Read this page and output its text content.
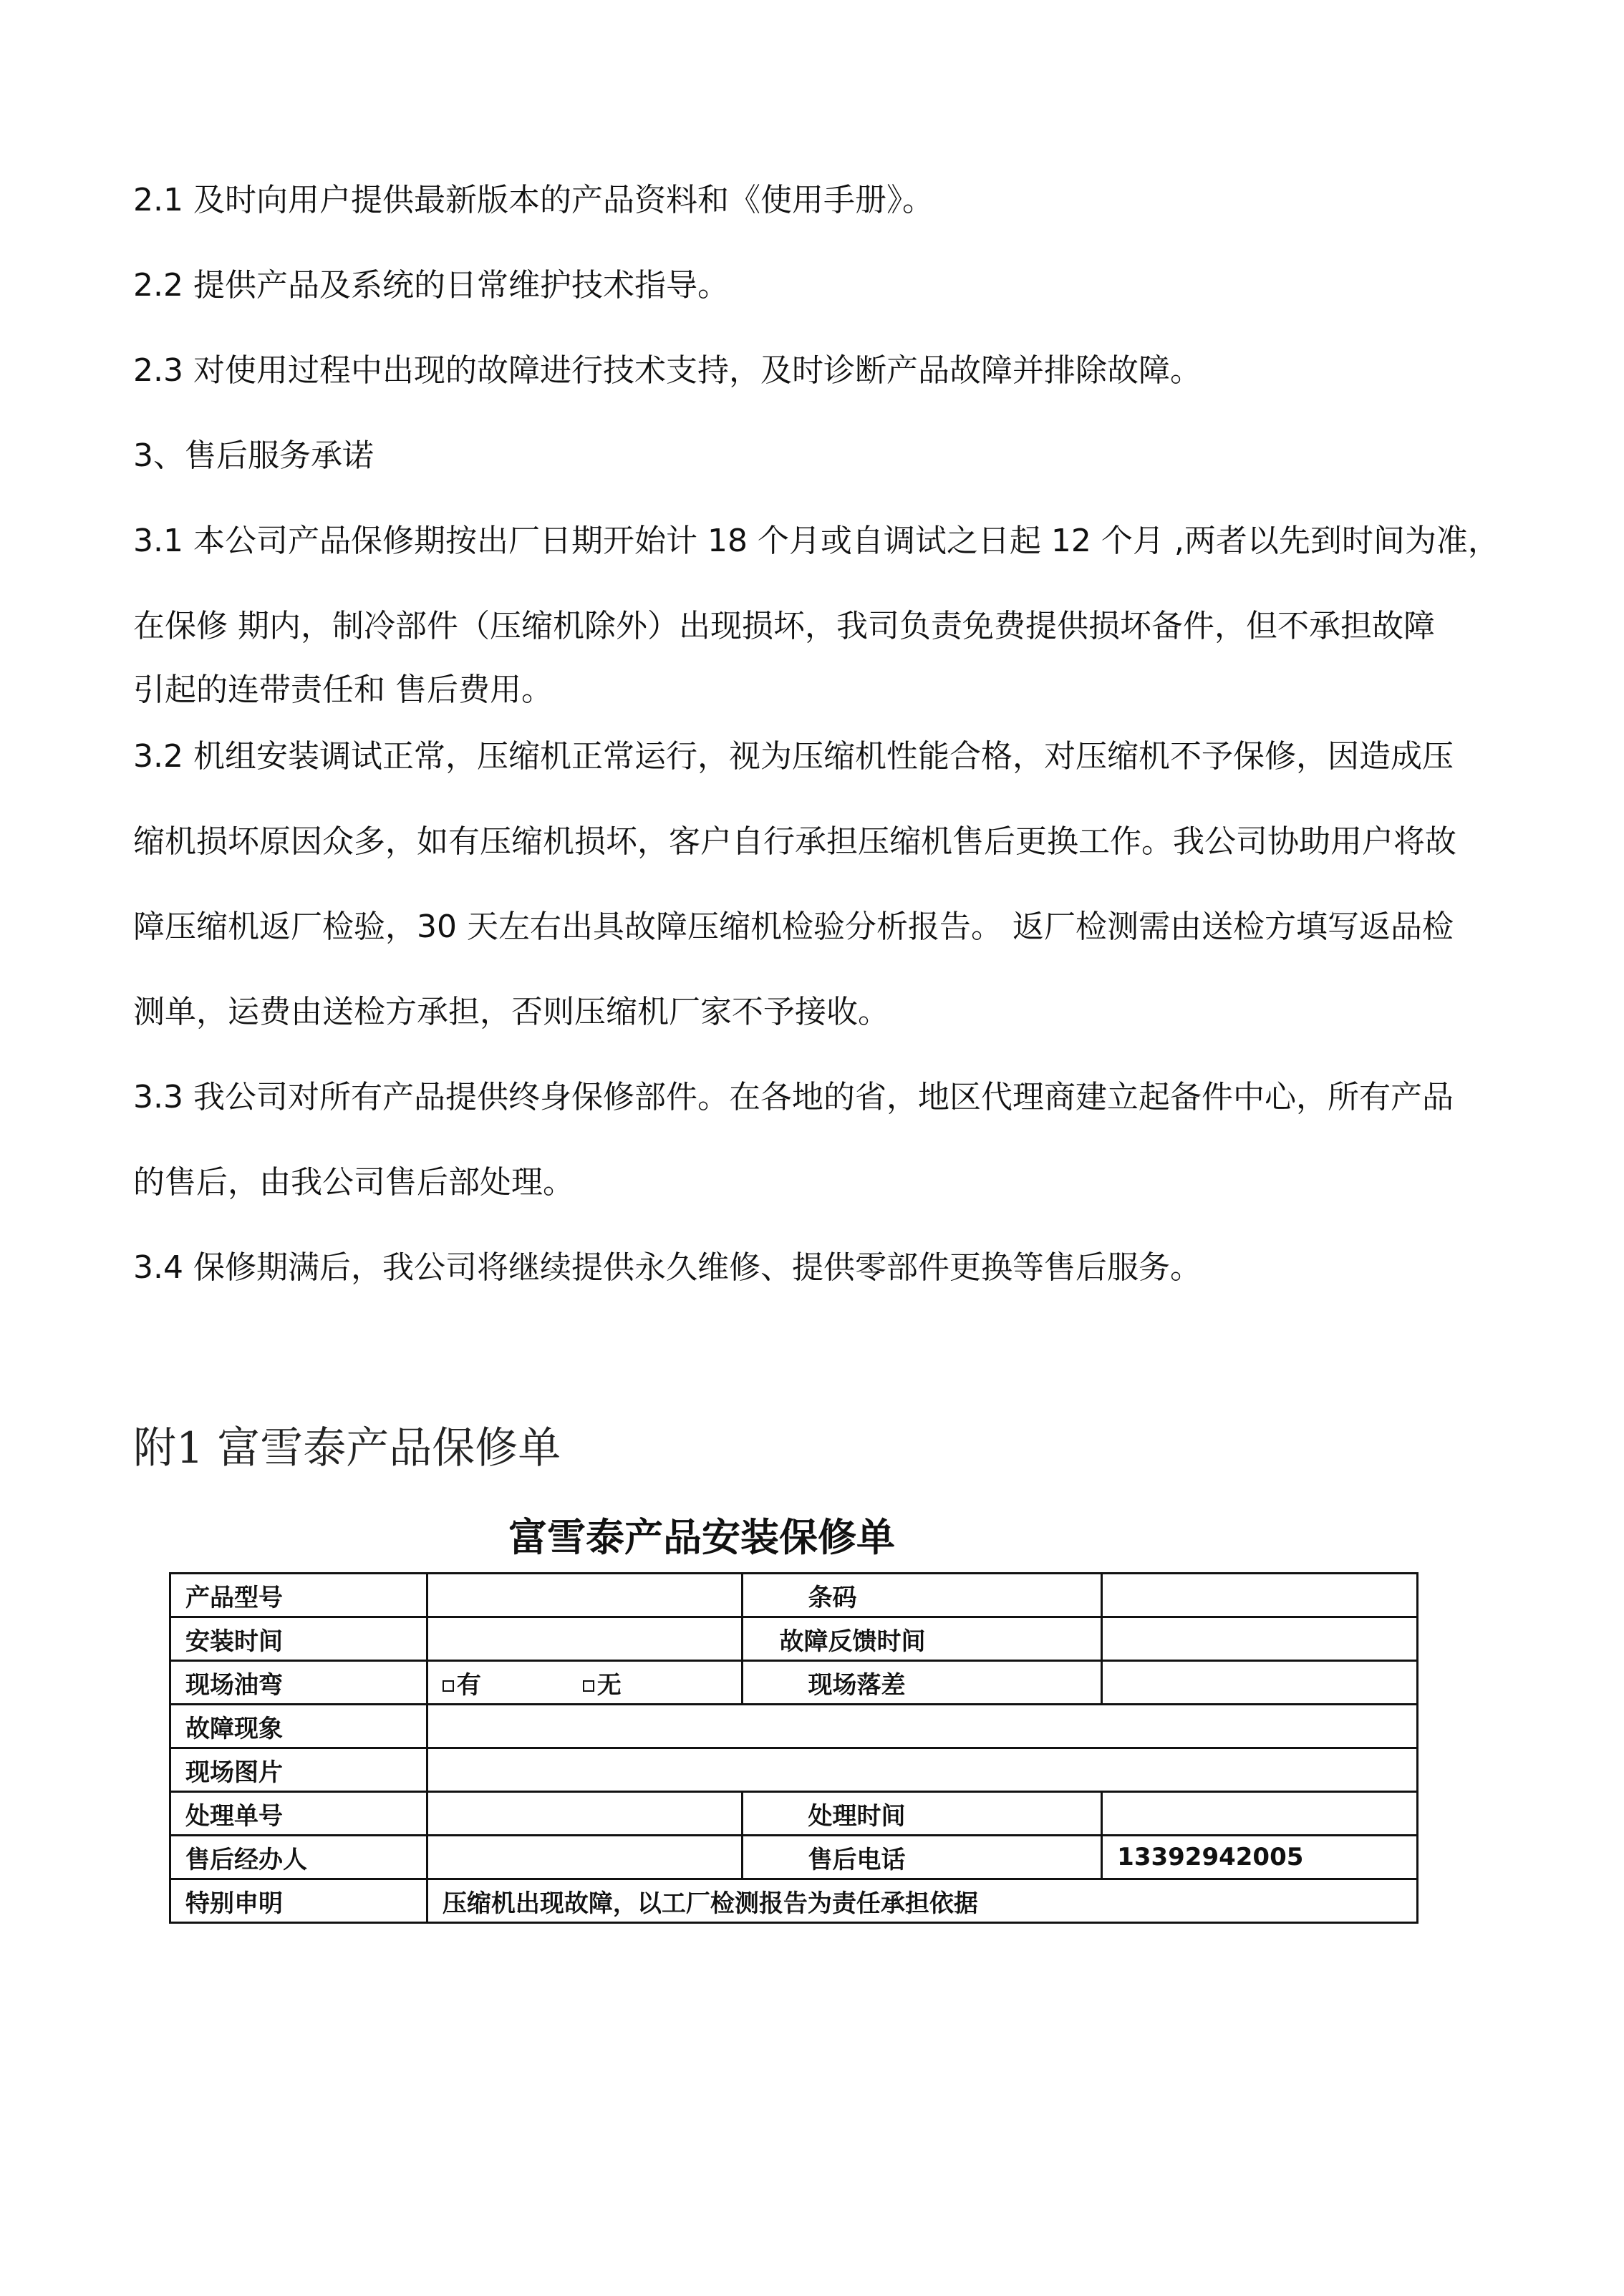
2.1 及时向用户提供最新版本的产品资料和《使用手册》。
2.2 提供产品及系统的日常维护技术指导。
2.3 对使用过程中出现的故障进行技术支持，及时诊断产品故障并排除故障。
3、售后服务承诺
3.1 本公司产品保修期按出厂日期开始计 18 个月或自调试之日起 12 个月 ,两者以先到时间为准，
在保修 期内，制冷部件（压缩机除外）出现损坏，我司负责免费提供损坏备件，但不承担故障
引起的连带责任和 售后费用。
3.2 机组安装调试正常，压缩机正常运行，视为压缩机性能合格，对压缩机不予保修，因造成压
缩机损坏原因众多，如有压缩机损坏，客户自行承担压缩机售后更换工作。我公司协助用户将故
障压缩机返厂检验，30 天左右出具故障压缩机检验分析报告。 返厂检测需由送检方填写返品检
测单，运费由送检方承担，否则压缩机厂家不予接收。
3.3 我公司对所有产品提供终身保修部件。在各地的省，地区代理商建立起备件中心，所有产品
的售后，由我公司售后部处理。
3.4 保修期满后，我公司将继续提供永久维修、提供零部件更换等售后服务。
附1 富雪泰产品保修单
富雪泰产品安装保修单
产品型号		条码	
安装时间		故障反馈时间	
现场油弯	有 无	现场落差	
故障现象			
现场图片			
处理单号		处理时间	
售后经办人		售后电话	13392942005
特别申明	压缩机出现故障，以工厂检测报告为责任承担依据		
